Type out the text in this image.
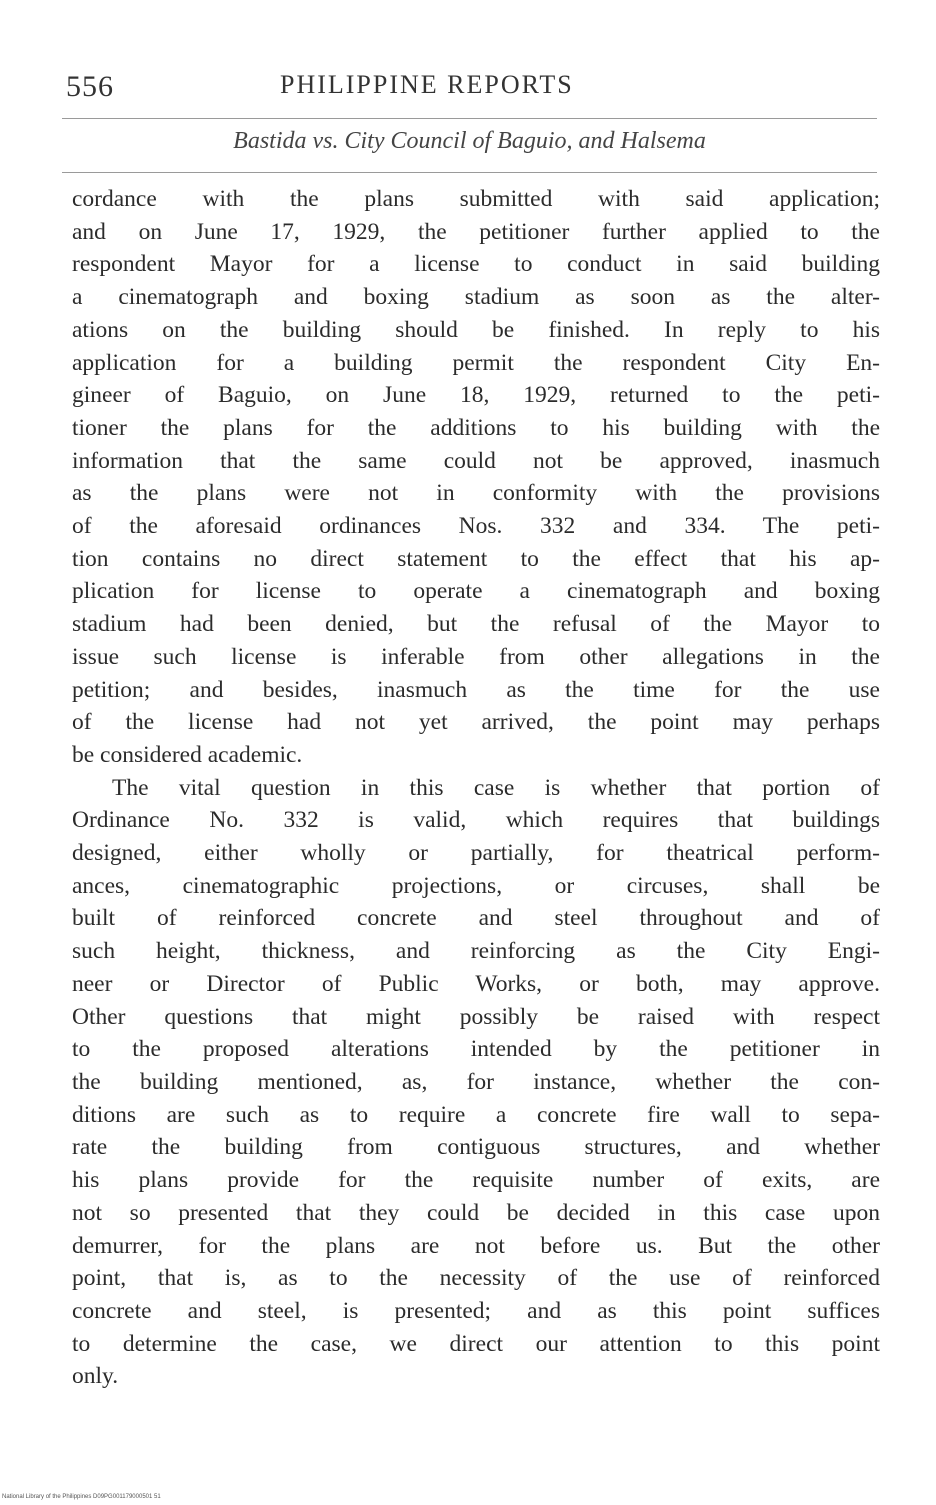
556	PHILIPPINE REPORTS
Bastida vs. City Council of Baguio, and Halsema
cordance with the plans submitted with said application;
and on June 17, 1929, the petitioner further applied to the
respondent Mayor for a license to conduct in said building
a cinematograph and boxing stadium as soon as the alter-
ations on the building should be finished. In reply to his
application for a building permit the respondent City En-
gineer of Baguio, on June 18, 1929, returned to the peti-
tioner the plans for the additions to his building with the
information that the same could not be approved, inasmuch
as the plans were not in conformity with the provisions
of the aforesaid ordinances Nos. 332 and 334. The peti-
tion contains no direct statement to the effect that his ap-
plication for license to operate a cinematograph and boxing
stadium had been denied, but the refusal of the Mayor to
issue such license is inferable from other allegations in the
petition; and besides, inasmuch as the time for the use
of the license had not yet arrived, the point may perhaps
be considered academic.
The vital question in this case is whether that portion of
Ordinance No. 332 is valid, which requires that buildings
designed, either wholly or partially, for theatrical perform-
ances, cinematographic projections, or circuses, shall be
built of reinforced concrete and steel throughout and of
such height, thickness, and reinforcing as the City Engi-
neer or Director of Public Works, or both, may approve.
Other questions that might possibly be raised with respect
to the proposed alterations intended by the petitioner in
the building mentioned, as, for instance, whether the con-
ditions are such as to require a concrete fire wall to sepa-
rate the building from contiguous structures, and whether
his plans provide for the requisite number of exits, are
not so presented that they could be decided in this case upon
demurrer, for the plans are not before us. But the other
point, that is, as to the necessity of the use of reinforced
concrete and steel, is presented; and as this point suffices
to determine the case, we direct our attention to this point
only.
National Library of the Philippines D09PG001179000501 51
